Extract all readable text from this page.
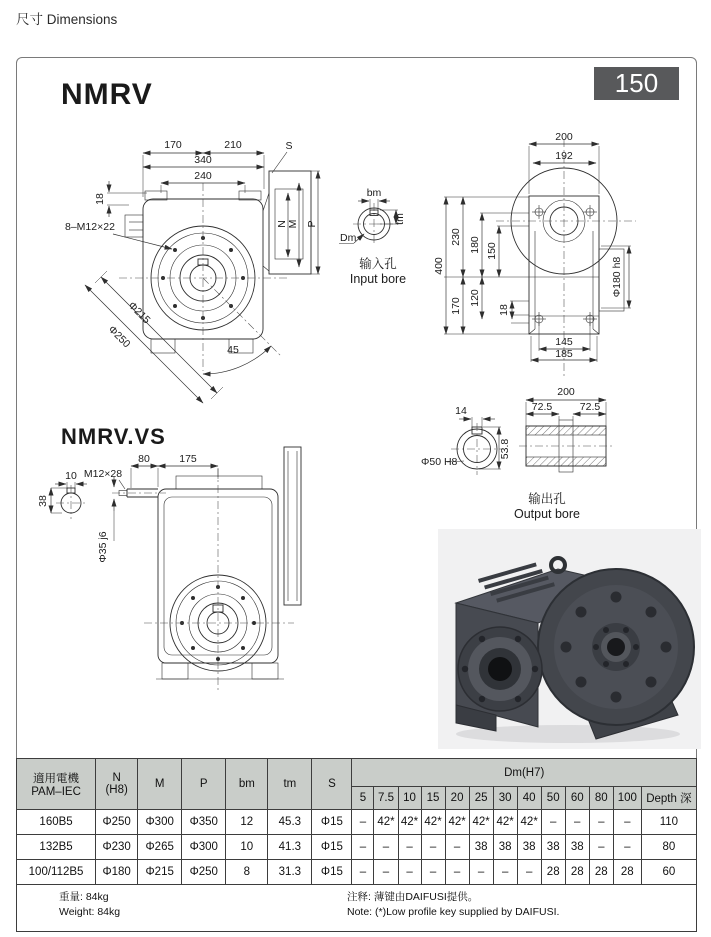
尺寸 Dimensions
NMRV	150
170	210
340
240
18
S
8–M12×22	N M P
Φ215
Φ250	45
bm
tm
Dm
输入孔
Input bore
200
192
400
230
170
180 150
120
18
Φ180 h8
145
185
14
Φ50 H8
53.8
200
72.5	72.5
输出孔
Output bore
NMRV.VS
80	175
M12×28
10
38
Φ35 j6
適用電機
PAM–IEC

N
(H8)	M	P	bm	tm	S	Dm(H7)
							5	7.5	10	15	20	25	30	40	50	60	80	100	Depth 深
160B5	Φ250	Φ300	Φ350	12	45.3	Φ15	–	42*	42*	42*	42*	42*	42*	42*	–	–	–	–	110
132B5	Φ230	Φ265	Φ300	10	41.3	Φ15	–	–	–	–	–	38	38	38	38	38	–	–	80
100/112B5	Φ180	Φ215	Φ250	8	31.3	Φ15	–	–	–	–	–	–	–	–	28	28	28	28	60

重量: 84kg
Weight: 84kg
注释: 薄键由DAIFUSI提供。
Note: (*)Low profile key supplied by DAIFUSI.																			
